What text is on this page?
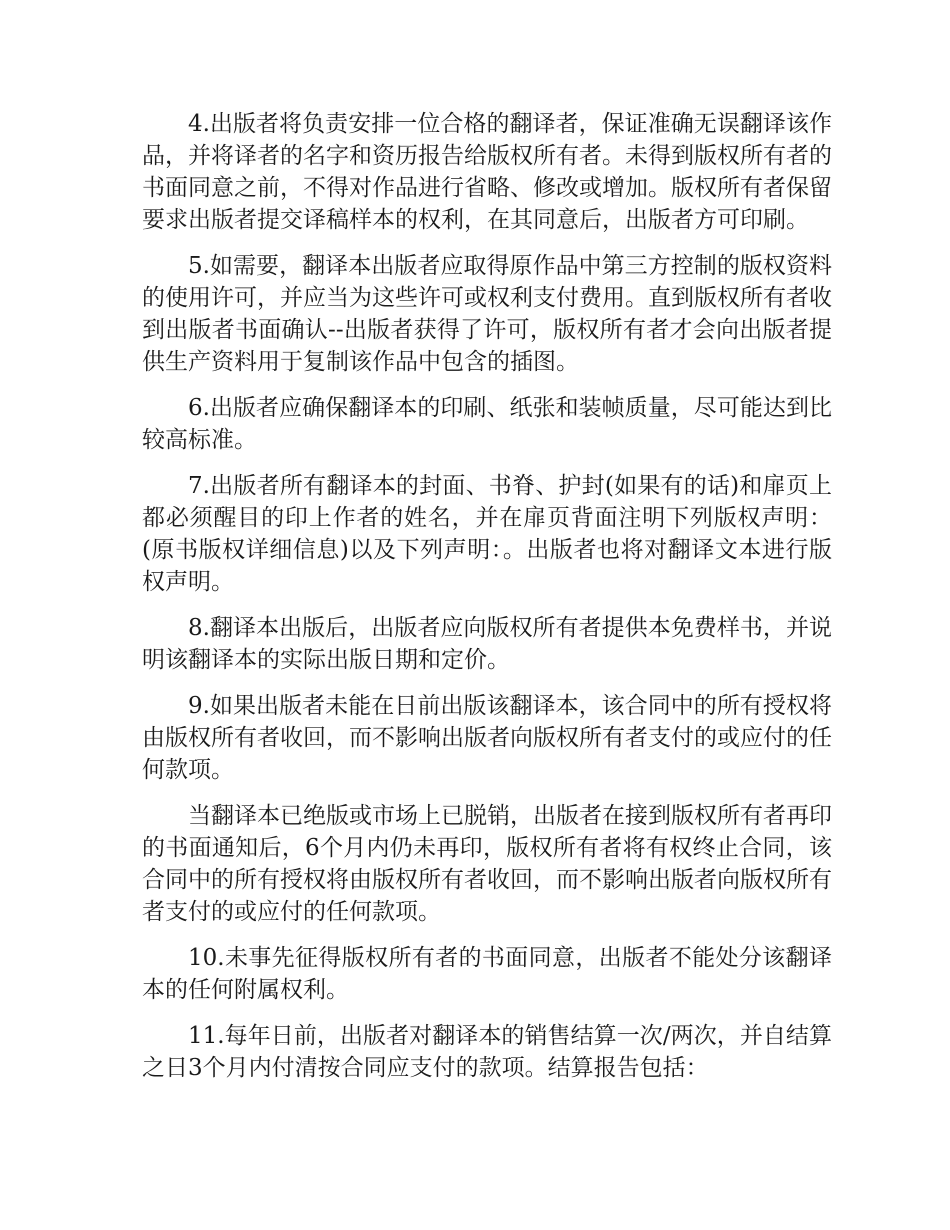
4.出版者将负责安排一位合格的翻译者，保证准确无误翻译该作品，并将译者的名字和资历报告给版权所有者。未得到版权所有者的书面同意之前，不得对作品进行省略、修改或增加。版权所有者保留要求出版者提交译稿样本的权利，在其同意后，出版者方可印刷。

5.如需要，翻译本出版者应取得原作品中第三方控制的版权资料的使用许可，并应当为这些许可或权利支付费用。直到版权所有者收到出版者书面确认--出版者获得了许可，版权所有者才会向出版者提供生产资料用于复制该作品中包含的插图。

6.出版者应确保翻译本的印刷、纸张和装帧质量，尽可能达到比较高标准。

7.出版者所有翻译本的封面、书脊、护封(如果有的话)和扉页上都必须醒目的印上作者的姓名，并在扉页背面注明下列版权声明：(原书版权详细信息)以及下列声明：。出版者也将对翻译文本进行版权声明。

8.翻译本出版后，出版者应向版权所有者提供本免费样书，并说明该翻译本的实际出版日期和定价。

9.如果出版者未能在日前出版该翻译本，该合同中的所有授权将由版权所有者收回，而不影响出版者向版权所有者支付的或应付的任何款项。

当翻译本已绝版或市场上已脱销，出版者在接到版权所有者再印的书面通知后，6个月内仍未再印，版权所有者将有权终止合同，该合同中的所有授权将由版权所有者收回，而不影响出版者向版权所有者支付的或应付的任何款项。

10.未事先征得版权所有者的书面同意，出版者不能处分该翻译本的任何附属权利。

11.每年日前，出版者对翻译本的销售结算一次/两次，并自结算之日3个月内付清按合同应支付的款项。结算报告包括：
